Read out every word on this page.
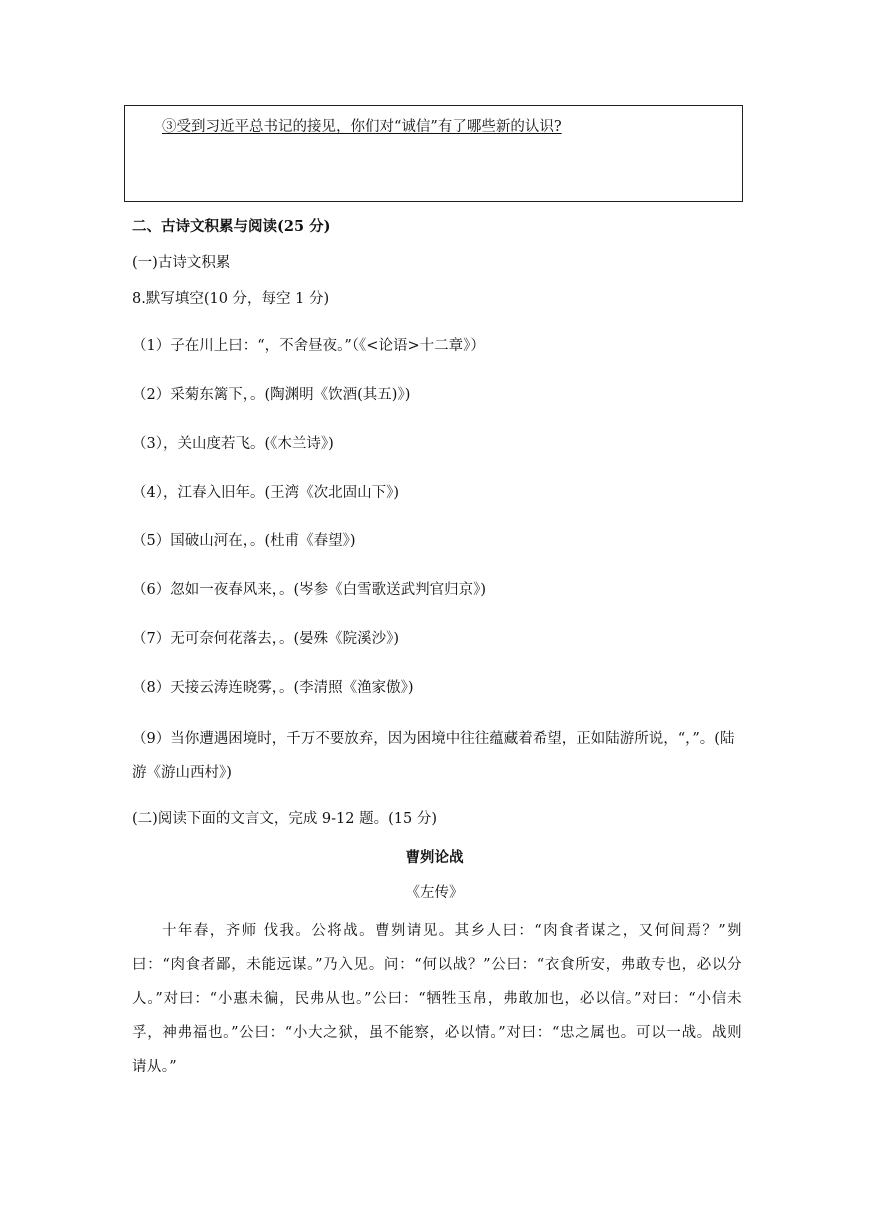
③受到习近平总书记的接见，你们对“诚信”有了哪些新的认识?
二、古诗文积累与阅读(25 分)
(一)古诗文积累
8.默写填空(10 分，每空 1 分)
（1）子在川上曰：“，不舍昼夜。”（《<论语>十二章》）
（2）采菊东篱下，。(陶渊明《饮酒(其五)》)
（3），关山度若飞。(《木兰诗》)
（4），江春入旧年。(王湾《次北固山下》)
（5）国破山河在，。(杜甫《春望》)
（6）忽如一夜春风来，。(岑参《白雪歌送武判官归京》)
（7）无可奈何花落去，。(晏殊《院溪沙》)
（8）天接云涛连晓雾，。(李清照《渔家傲》)
（9）当你遭遇困境时，千万不要放弃，因为困境中往往蕴藏着希望，正如陆游所说，“，”。(陆游《游山西村》)
(二)阅读下面的文言文，完成 9-12 题。(15 分)
曹刿论战
《左传》
十年春，齐师 伐我。公将战。曹刿请见。其乡人曰：“肉食者谋之，又何间焉？”刿曰：“肉食者鄙，未能远谋。”乃入见。问：“何以战？”公曰：“衣食所安，弗敢专也，必以分人。”对曰：“小惠未徧，民弗从也。”公曰：“牺牲玉帛，弗敢加也，必以信。”对曰：“小信未孚，神弗福也。”公曰：“小大之狱，虽不能察，必以情。”对曰：“忠之属也。可以一战。战则请从。”
